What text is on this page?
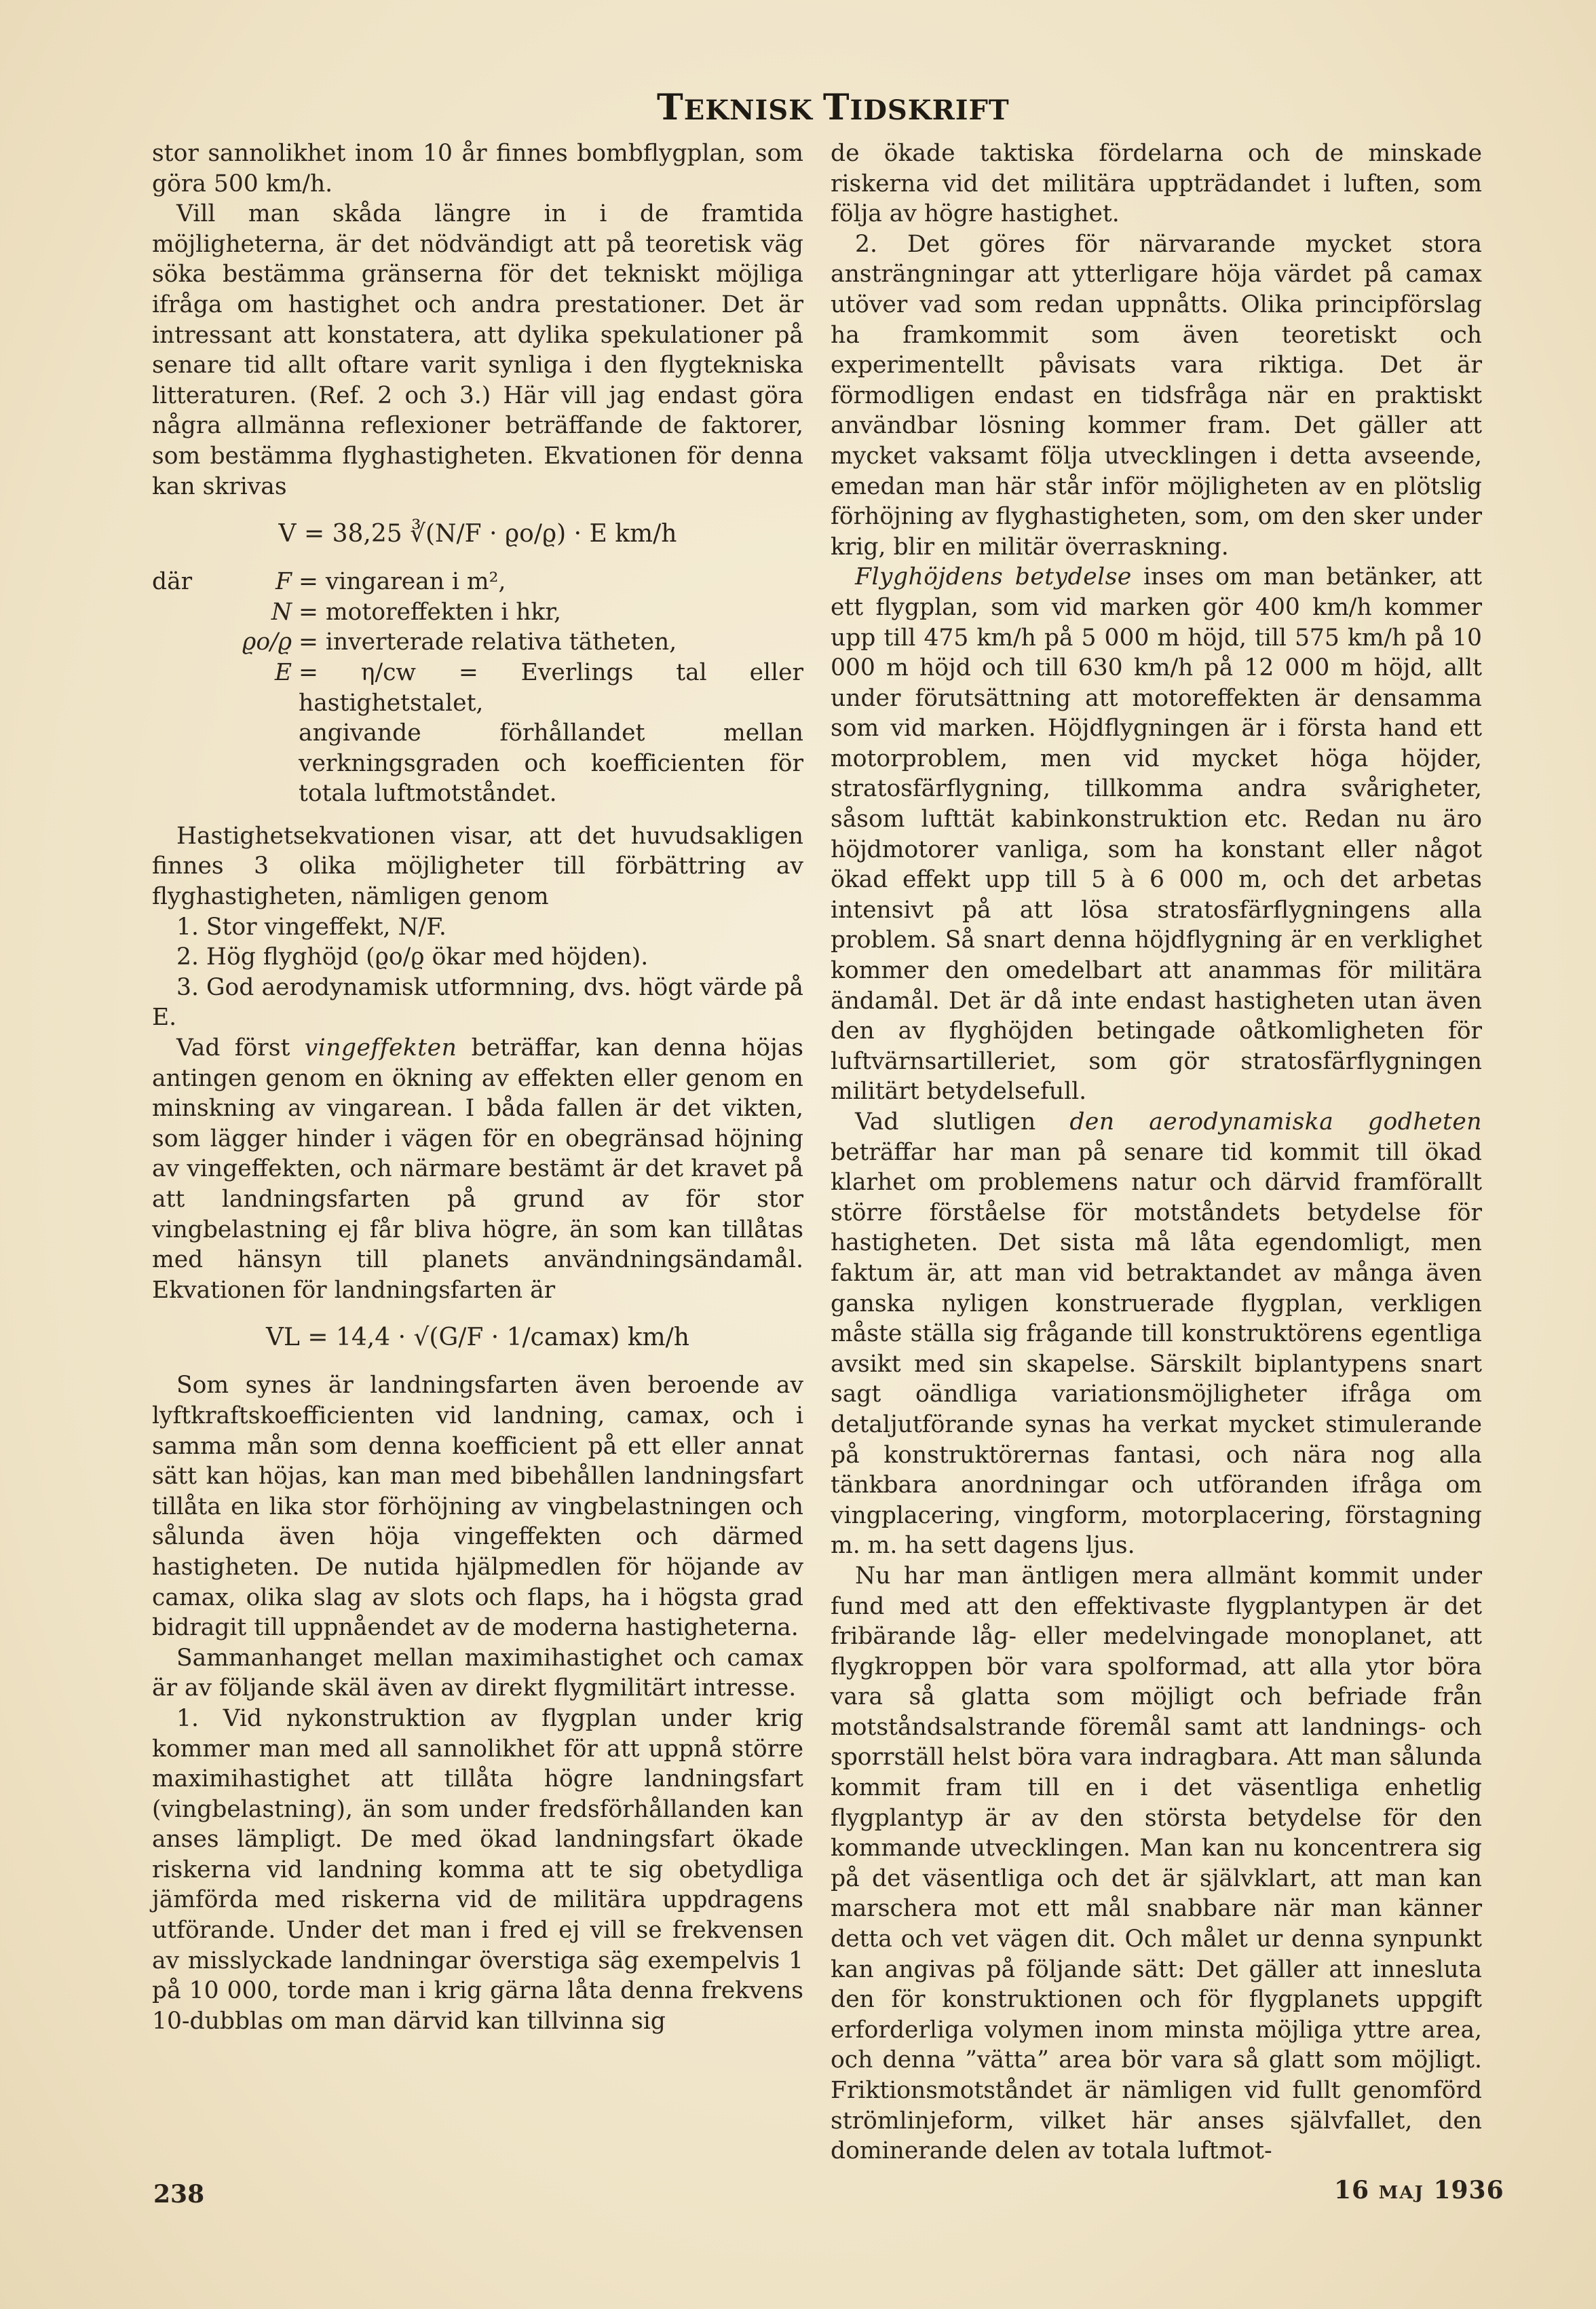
TEKNISK TIDSKRIFT

stor sannolikhet inom 10 år finnes bombflygplan, som göra 500 km/h.

Vill man skåda längre in i de framtida möjligheterna, är det nödvändigt att på teoretisk väg söka bestämma gränserna för det tekniskt möjliga ifråga om hastighet och andra prestationer. Det är intressant att konstatera, att dylika spekulationer på senare tid allt oftare varit synliga i den flygtekniska litteraturen. (Ref. 2 och 3.) Här vill jag endast göra några allmänna reflexioner beträffande de faktorer, som bestämma flyghastigheten. Ekvationen för denna kan skrivas

V = 38,25 ∛(N/F · ϱo/ϱ) · E km/h
där	F = vingarean i m²,
N = motoreffekten i hkr,
ϱo/ϱ = inverterade relativa tätheten,
E = η/cw = Everlings tal eller hastighetstalet,
angivande förhållandet mellan verkningsgraden och koefficienten för totala luftmotståndet.

Hastighetsekvationen visar, att det huvudsakligen finnes 3 olika möjligheter till förbättring av flyghastigheten, nämligen genom

1. Stor vingeffekt, N/F.

2. Hög flyghöjd (ϱo/ϱ ökar med höjden).

3. God aerodynamisk utformning, dvs. högt värde på E.

Vad först vingeffekten beträffar, kan denna höjas antingen genom en ökning av effekten eller genom en minskning av vingarean. I båda fallen är det vikten, som lägger hinder i vägen för en obegränsad höjning av vingeffekten, och närmare bestämt är det kravet på att landningsfarten på grund av för stor vingbelastning ej får bliva högre, än som kan tillåtas med hänsyn till planets användningsändamål. Ekvationen för landningsfarten är

VL = 14,4 · √(G/F · 1/camax) km/h

Som synes är landningsfarten även beroende av lyftkraftskoefficienten vid landning, camax, och i samma mån som denna koefficient på ett eller annat sätt kan höjas, kan man med bibehållen landningsfart tillåta en lika stor förhöjning av vingbelastningen och sålunda även höja vingeffekten och därmed hastigheten. De nutida hjälpmedlen för höjande av camax, olika slag av slots och flaps, ha i högsta grad bidragit till uppnåendet av de moderna hastigheterna.

Sammanhanget mellan maximihastighet och camax är av följande skäl även av direkt flygmilitärt intresse.

1. Vid nykonstruktion av flygplan under krig kommer man med all sannolikhet för att uppnå större maximihastighet att tillåta högre landningsfart (vingbelastning), än som under fredsförhållanden kan anses lämpligt. De med ökad landningsfart ökade riskerna vid landning komma att te sig obetydliga jämförda med riskerna vid de militära uppdragens utförande. Under det man i fred ej vill se frekvensen av misslyckade landningar överstiga säg exempelvis 1 på 10 000, torde man i krig gärna låta denna frekvens 10-dubblas om man därvid kan tillvinna sig

de ökade taktiska fördelarna och de minskade riskerna vid det militära uppträdandet i luften, som följa av högre hastighet.

2. Det göres för närvarande mycket stora ansträngningar att ytterligare höja värdet på camax utöver vad som redan uppnåtts. Olika principförslag ha framkommit som även teoretiskt och experimentellt påvisats vara riktiga. Det är förmodligen endast en tidsfråga när en praktiskt användbar lösning kommer fram. Det gäller att mycket vaksamt följa utvecklingen i detta avseende, emedan man här står inför möjligheten av en plötslig förhöjning av flyghastigheten, som, om den sker under krig, blir en militär överraskning.

Flyghöjdens betydelse inses om man betänker, att ett flygplan, som vid marken gör 400 km/h kommer upp till 475 km/h på 5 000 m höjd, till 575 km/h på 10 000 m höjd och till 630 km/h på 12 000 m höjd, allt under förutsättning att motoreffekten är densamma som vid marken. Höjdflygningen är i första hand ett motorproblem, men vid mycket höga höjder, stratosfärflygning, tillkomma andra svårigheter, såsom lufttät kabinkonstruktion etc. Redan nu äro höjdmotorer vanliga, som ha konstant eller något ökad effekt upp till 5 à 6 000 m, och det arbetas intensivt på att lösa stratosfärflygningens alla problem. Så snart denna höjdflygning är en verklighet kommer den omedelbart att anammas för militära ändamål. Det är då inte endast hastigheten utan även den av flyghöjden betingade oåtkomligheten för luftvärnsartilleriet, som gör stratosfärflygningen militärt betydelsefull.

Vad slutligen den aerodynamiska godheten beträffar har man på senare tid kommit till ökad klarhet om problemens natur och därvid framförallt större förståelse för motståndets betydelse för hastigheten. Det sista må låta egendomligt, men faktum är, att man vid betraktandet av många även ganska nyligen konstruerade flygplan, verkligen måste ställa sig frågande till konstruktörens egentliga avsikt med sin skapelse. Särskilt biplantypens snart sagt oändliga variationsmöjligheter ifråga om detaljutförande synas ha verkat mycket stimulerande på konstruktörernas fantasi, och nära nog alla tänkbara anordningar och utföranden ifråga om vingplacering, vingform, motorplacering, förstagning m. m. ha sett dagens ljus.

Nu har man äntligen mera allmänt kommit under fund med att den effektivaste flygplantypen är det fribärande låg- eller medelvingade monoplanet, att flygkroppen bör vara spolformad, att alla ytor böra vara så glatta som möjligt och befriade från motståndsalstrande föremål samt att landnings- och sporrställ helst böra vara indragbara. Att man sålunda kommit fram till en i det väsentliga enhetlig flygplantyp är av den största betydelse för den kommande utvecklingen. Man kan nu koncentrera sig på det väsentliga och det är självklart, att man kan marschera mot ett mål snabbare när man känner detta och vet vägen dit. Och målet ur denna synpunkt kan angivas på följande sätt: Det gäller att innesluta den för konstruktionen och för flygplanets uppgift erforderliga volymen inom minsta möjliga yttre area, och denna ”vätta” area bör vara så glatt som möjligt. Friktionsmotståndet är nämligen vid fullt genomförd strömlinjeform, vilket här anses självfallet, den dominerande delen av totala luftmot-

238	16 MAJ 1936
